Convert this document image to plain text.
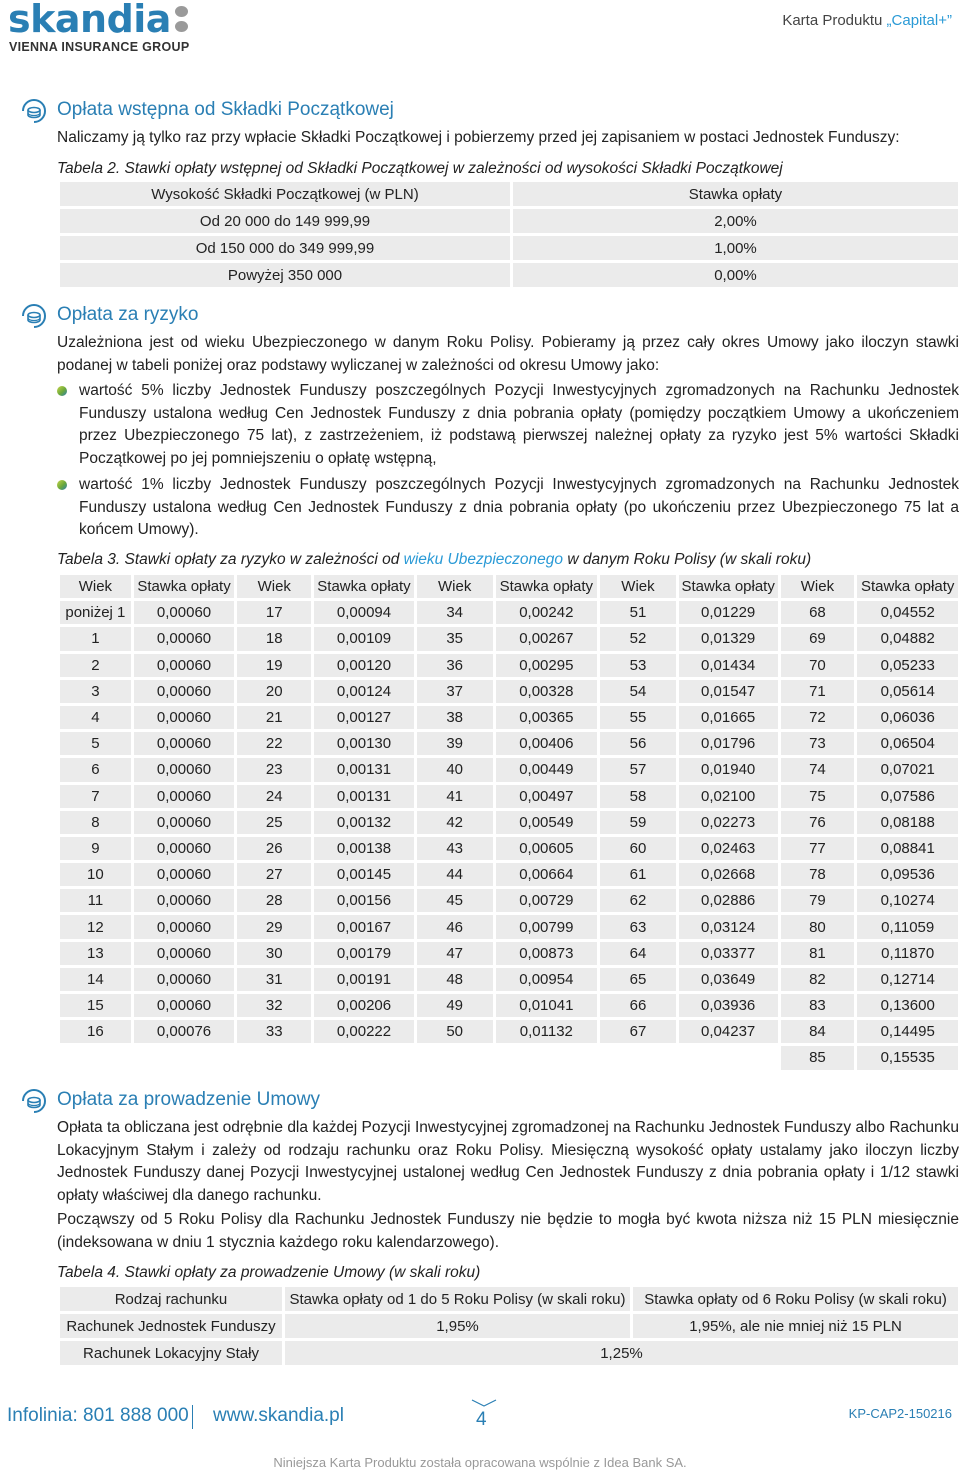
skandia
VIENNA INSURANCE GROUP
Karta Produktu „Capital+”
Opłata wstępna od Składki Początkowej
Naliczamy ją tylko raz przy wpłacie Składki Początkowej i pobierzemy przed jej zapisaniem w postaci Jednostek Funduszy:
Tabela 2. Stawki opłaty wstępnej od Składki Początkowej w zależności od wysokości Składki Początkowej
Wysokość Składki Początkowej (w PLN)	Stawka opłaty
Od 20 000 do 149 999,99	2,00%
Od 150 000 do 349 999,99	1,00%
Powyżej 350 000	0,00%
Opłata za ryzyko
Uzależniona jest od wieku Ubezpieczonego w danym Roku Polisy. Pobieramy ją przez cały okres Umowy jako iloczyn stawki podanej w tabeli poniżej oraz podstawy wyliczanej w zależności od okresu Umowy jako:
wartość 5% liczby Jednostek Funduszy poszczególnych Pozycji Inwestycyjnych zgromadzonych na Rachunku Jednostek Funduszy ustalona według Cen Jednostek Funduszy z dnia pobrania opłaty (pomiędzy początkiem Umowy a ukończeniem przez Ubezpieczonego 75 lat), z zastrzeżeniem, iż podstawą pierwszej należnej opłaty za ryzyko jest 5% wartości Składki Początkowej po jej pomniejszeniu o opłatę wstępną,
wartość 1% liczby Jednostek Funduszy poszczególnych Pozycji Inwestycyjnych zgromadzonych na Rachunku Jednostek Funduszy ustalona według Cen Jednostek Funduszy z dnia pobrania opłaty (po ukończeniu przez Ubezpieczonego 75 lat a końcem Umowy).
Tabela 3. Stawki opłaty za ryzyko w zależności od wieku Ubezpieczonego w danym Roku Polisy (w skali roku)
Wiek	Stawka opłaty	Wiek	Stawka opłaty	Wiek	Stawka opłaty	Wiek	Stawka opłaty	Wiek	Stawka opłaty
poniżej 1	0,00060	17	0,00094	34	0,00242	51	0,01229	68	0,04552
1	0,00060	18	0,00109	35	0,00267	52	0,01329	69	0,04882
2	0,00060	19	0,00120	36	0,00295	53	0,01434	70	0,05233
3	0,00060	20	0,00124	37	0,00328	54	0,01547	71	0,05614
4	0,00060	21	0,00127	38	0,00365	55	0,01665	72	0,06036
5	0,00060	22	0,00130	39	0,00406	56	0,01796	73	0,06504
6	0,00060	23	0,00131	40	0,00449	57	0,01940	74	0,07021
7	0,00060	24	0,00131	41	0,00497	58	0,02100	75	0,07586
8	0,00060	25	0,00132	42	0,00549	59	0,02273	76	0,08188
9	0,00060	26	0,00138	43	0,00605	60	0,02463	77	0,08841
10	0,00060	27	0,00145	44	0,00664	61	0,02668	78	0,09536
11	0,00060	28	0,00156	45	0,00729	62	0,02886	79	0,10274
12	0,00060	29	0,00167	46	0,00799	63	0,03124	80	0,11059
13	0,00060	30	0,00179	47	0,00873	64	0,03377	81	0,11870
14	0,00060	31	0,00191	48	0,00954	65	0,03649	82	0,12714
15	0,00060	32	0,00206	49	0,01041	66	0,03936	83	0,13600
16	0,00076	33	0,00222	50	0,01132	67	0,04237	84	0,14495
								85	0,15535
Opłata za prowadzenie Umowy
Opłata ta obliczana jest odrębnie dla każdej Pozycji Inwestycyjnej zgromadzonej na Rachunku Jednostek Funduszy albo Rachunku Lokacyjnym Stałym i zależy od rodzaju rachunku oraz Roku Polisy. Miesięczną wysokość opłaty ustalamy jako iloczyn liczby Jednostek Funduszy danej Pozycji Inwestycyjnej ustalonej według Cen Jednostek Funduszy z dnia pobrania opłaty i 1/12 stawki opłaty właściwej dla danego rachunku.
Począwszy od 5 Roku Polisy dla Rachunku Jednostek Funduszy nie będzie to mogła być kwota niższa niż 15 PLN miesięcznie (indeksowana w dniu 1 stycznia każdego roku kalendarzowego).
Tabela 4. Stawki opłaty za prowadzenie Umowy (w skali roku)
Rodzaj rachunku	Stawka opłaty od 1 do 5 Roku Polisy (w skali roku)	Stawka opłaty od 6 Roku Polisy (w skali roku)
Rachunek Jednostek Funduszy	1,95%	1,95%, ale nie mniej niż 15 PLN
Rachunek Lokacyjny Stały	1,25%	
Infolinia: 801 888 000 www.skandia.pl	4	KP-CAP2-150216
Niniejsza Karta Produktu została opracowana wspólnie z Idea Bank SA.
